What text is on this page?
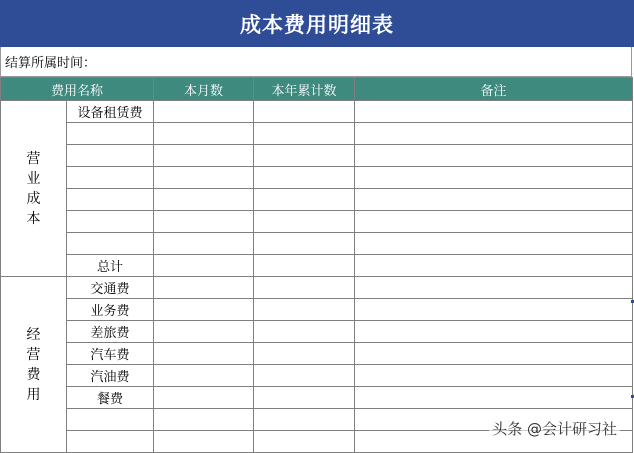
成本费用明细表
结算所属时间：
费用名称		本月数	本年累计数	备注
营业成本	设备租赁费			

	总计			
经营费用	交通费			
	业务费			
	差旅费			
	汽车费			
	汽油费			
	餐费			

头条 @会计研习社
